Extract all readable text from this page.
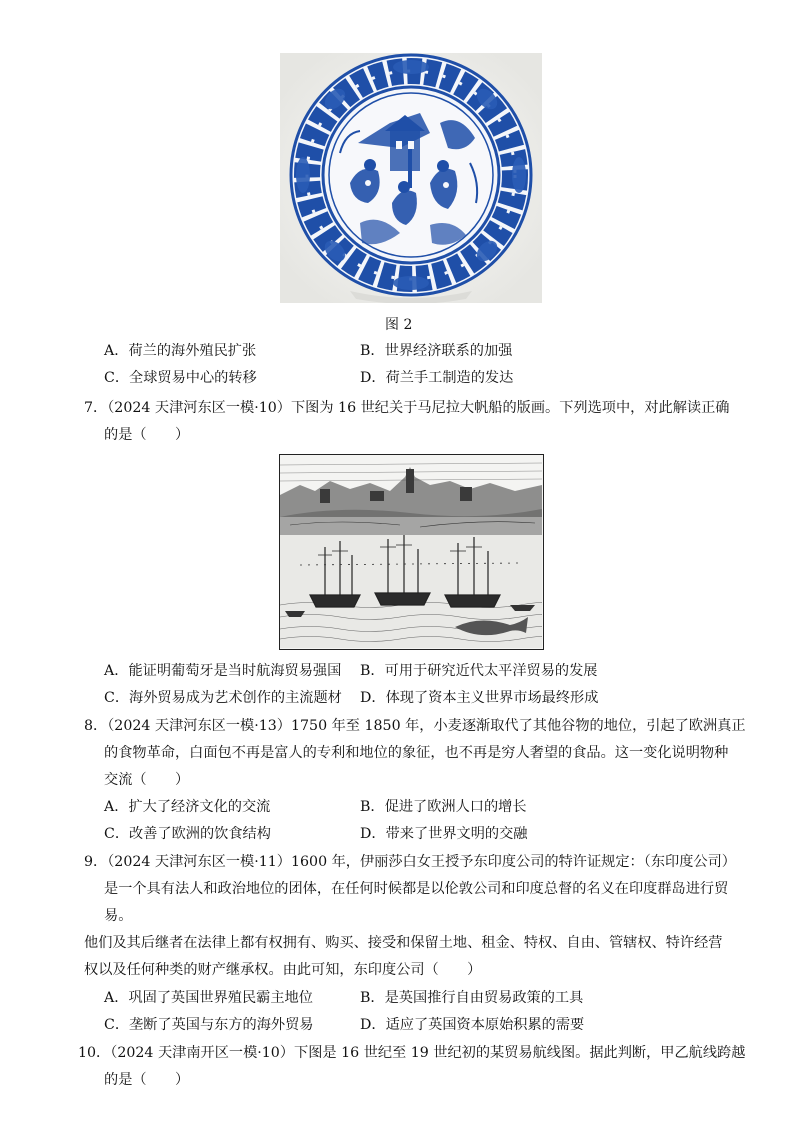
图 2
A．荷兰的海外殖民扩张	B．世界经济联系的加强
C．全球贸易中心的转移	D．荷兰手工制造的发达
7．（2024 天津河东区一模·10）下图为 16 世纪关于马尼拉大帆船的版画。下列选项中，对此解读正确
的是（　　）
A．能证明葡萄牙是当时航海贸易强国 B．可用于研究近代太平洋贸易的发展
C．海外贸易成为艺术创作的主流题材 D．体现了资本主义世界市场最终形成
8．（2024 天津河东区一模·13）1750 年至 1850 年，小麦逐渐取代了其他谷物的地位，引起了欧洲真正
的食物革命，白面包不再是富人的专利和地位的象征，也不再是穷人奢望的食品。这一变化说明物种
交流（　　）
A．扩大了经济文化的交流	B．促进了欧洲人口的增长
C．改善了欧洲的饮食结构	D．带来了世界文明的交融
9．（2024 天津河东区一模·11）1600 年，伊丽莎白女王授予东印度公司的特许证规定：（东印度公司）
是一个具有法人和政治地位的团体，在任何时候都是以伦敦公司和印度总督的名义在印度群岛进行贸
易。
他们及其后继者在法律上都有权拥有、购买、接受和保留土地、租金、特权、自由、管辖权、特许经营
权以及任何种类的财产继承权。由此可知，东印度公司（　　）
A．巩固了英国世界殖民霸主地位	B．是英国推行自由贸易政策的工具
C．垄断了英国与东方的海外贸易	D．适应了英国资本原始积累的需要
10．（2024 天津南开区一模·10）下图是 16 世纪至 19 世纪初的某贸易航线图。据此判断，甲乙航线跨越
的是（　　）
